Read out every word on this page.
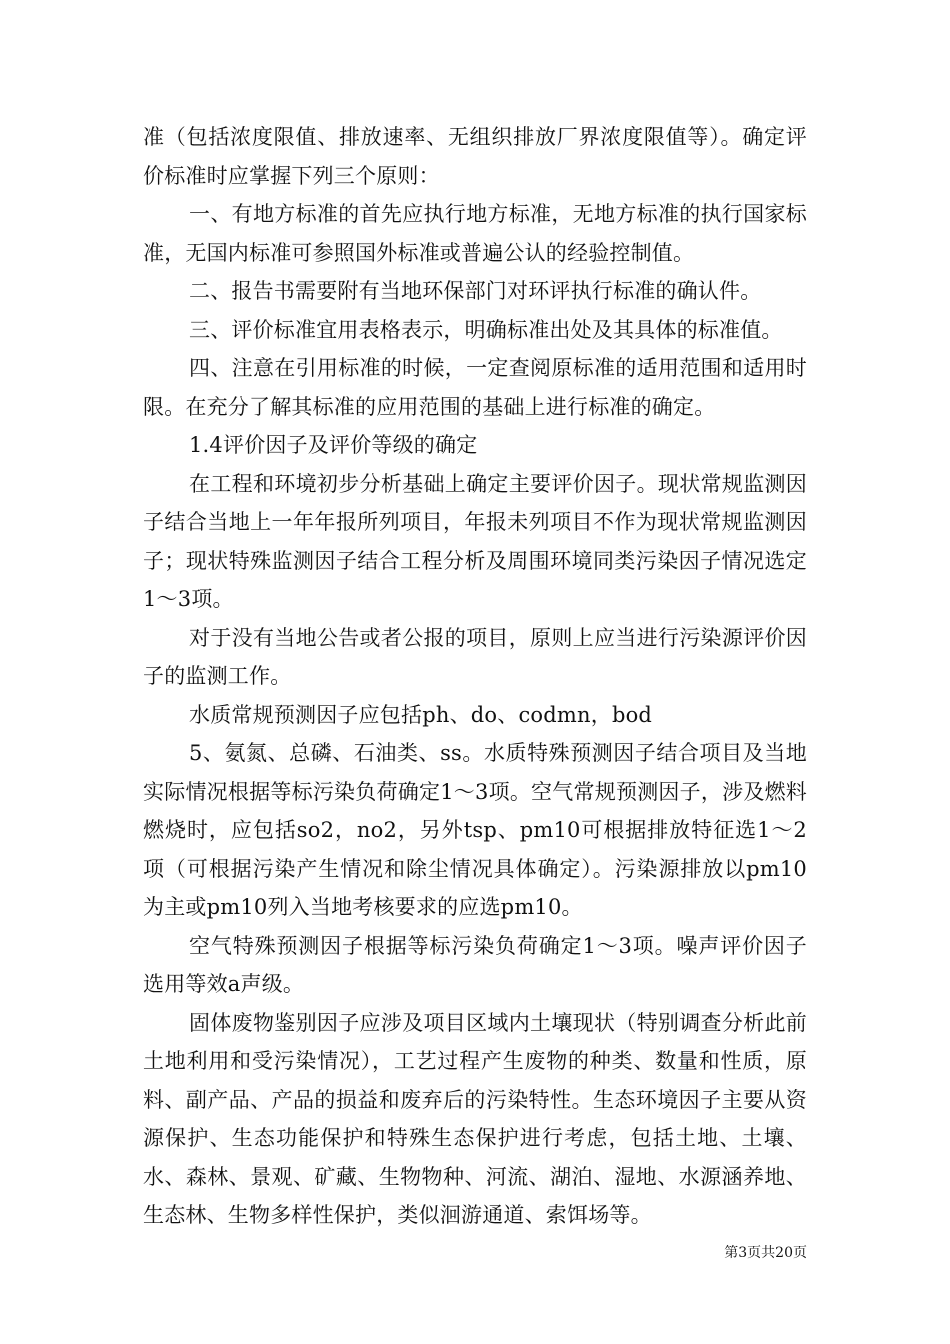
准（包括浓度限值、排放速率、无组织排放厂界浓度限值等）。确定评价标准时应掌握下列三个原则：

一、有地方标准的首先应执行地方标准，无地方标准的执行国家标准，无国内标准可参照国外标准或普遍公认的经验控制值。

二、报告书需要附有当地环保部门对环评执行标准的确认件。

三、评价标准宜用表格表示，明确标准出处及其具体的标准值。

四、注意在引用标准的时候，一定查阅原标准的适用范围和适用时限。在充分了解其标准的应用范围的基础上进行标准的确定。

1.4评价因子及评价等级的确定

在工程和环境初步分析基础上确定主要评价因子。现状常规监测因子结合当地上一年年报所列项目，年报未列项目不作为现状常规监测因子；现状特殊监测因子结合工程分析及周围环境同类污染因子情况选定1～3项。

对于没有当地公告或者公报的项目，原则上应当进行污染源评价因子的监测工作。

水质常规预测因子应包括ph、do、codmn，bod

5、氨氮、总磷、石油类、ss。水质特殊预测因子结合项目及当地实际情况根据等标污染负荷确定1～3项。空气常规预测因子，涉及燃料燃烧时，应包括so2，no2，另外tsp、pm10可根据排放特征选1～2项（可根据污染产生情况和除尘情况具体确定）。污染源排放以pm10为主或pm10列入当地考核要求的应选pm10。

空气特殊预测因子根据等标污染负荷确定1～3项。噪声评价因子选用等效a声级。

固体废物鉴别因子应涉及项目区域内土壤现状（特别调查分析此前土地利用和受污染情况），工艺过程产生废物的种类、数量和性质，原料、副产品、产品的损益和废弃后的污染特性。生态环境因子主要从资源保护、生态功能保护和特殊生态保护进行考虑，包括土地、土壤、水、森林、景观、矿藏、生物物种、河流、湖泊、湿地、水源涵养地、生态林、生物多样性保护，类似洄游通道、索饵场等。

第3页共20页
